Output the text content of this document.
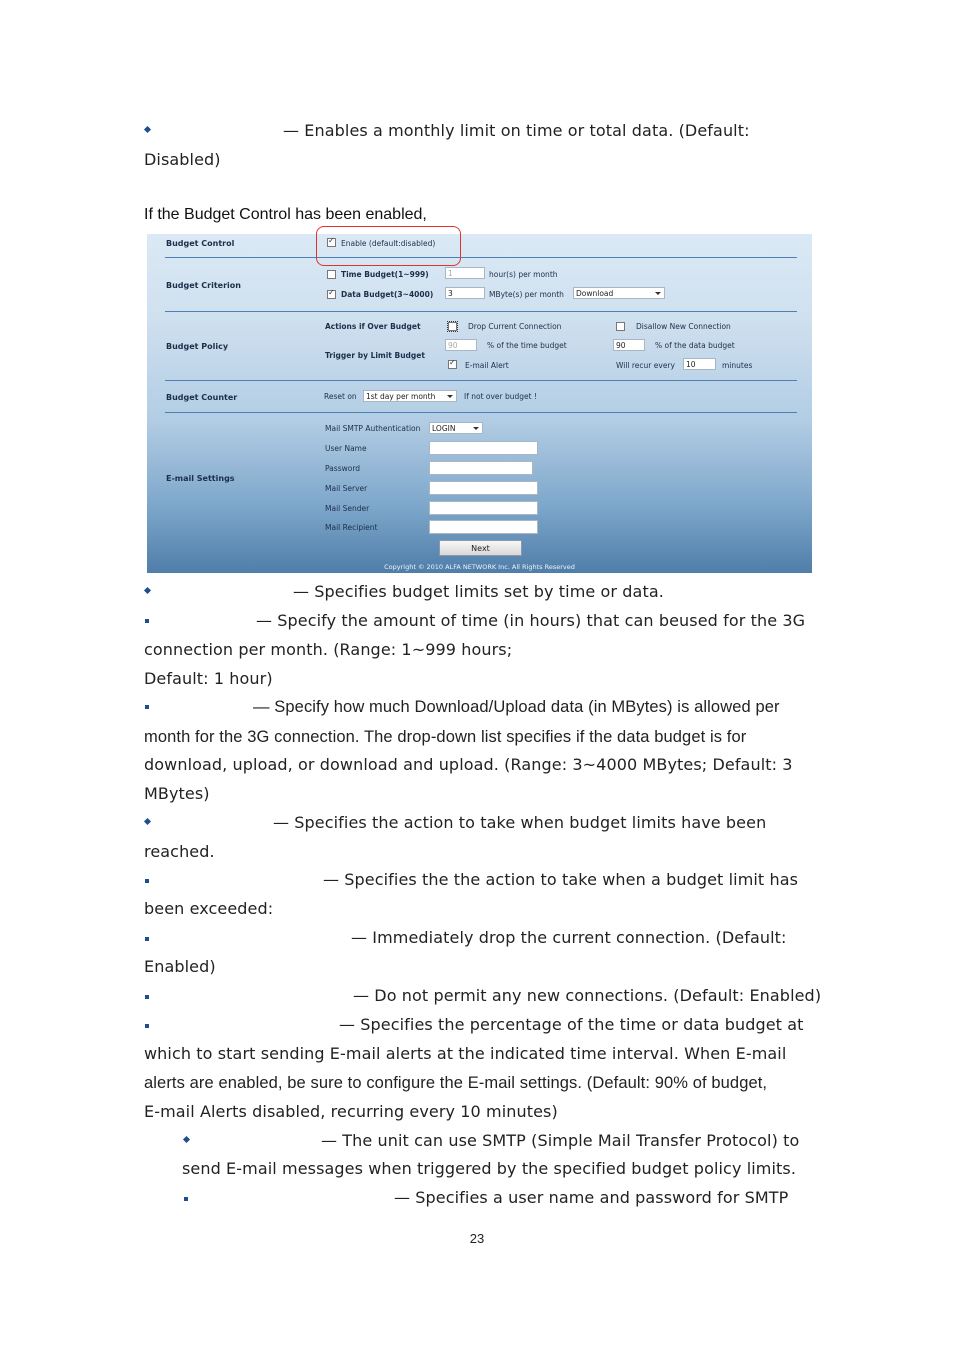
— Enables a monthly limit on time or total data. (Default:
Disabled)
If the Budget Control has been enabled,
Budget Control
✓	Enable (default:disabled)
Budget Criterion
Time Budget(1~999)	1	hour(s) per month
✓
Data Budget(3~4000)	3	MByte(s) per month	Download
Budget Policy
Actions if Over Budget	Drop Current Connection	Disallow New Connection
Trigger by Limit Budget
90	% of the time budget	90	% of the data budget
✓
E-mail Alert	Will recur every	10	minutes
Budget Counter	Reset on	1st day per month	If not over budget !
E-mail Settings
Mail SMTP Authentication	LOGIN
User Name
Password
Mail Server
Mail Sender
Mail Recipient
Next
Copyright © 2010 ALFA NETWORK Inc. All Rights Reserved
— Specifies budget limits set by time or data.
— Specify the amount of time (in hours) that can beused for the 3G
connection per month. (Range: 1~999 hours;
Default: 1 hour)
— Specify how much Download/Upload data (in MBytes) is allowed per
month for the 3G connection. The drop-down list specifies if the data budget is for
download, upload, or download and upload. (Range: 3~4000 MBytes; Default: 3
MBytes)
— Specifies the action to take when budget limits have been
reached.
— Specifies the the action to take when a budget limit has
been exceeded:
— Immediately drop the current connection. (Default:
Enabled)
— Do not permit any new connections. (Default: Enabled)
— Specifies the percentage of the time or data budget at
which to start sending E-mail alerts at the indicated time interval. When E-mail
alerts are enabled, be sure to configure the E-mail settings. (Default: 90% of budget,
E-mail Alerts disabled, recurring every 10 minutes)
— The unit can use SMTP (Simple Mail Transfer Protocol) to
send E-mail messages when triggered by the specified budget policy limits.
— Specifies a user name and password for SMTP
23
